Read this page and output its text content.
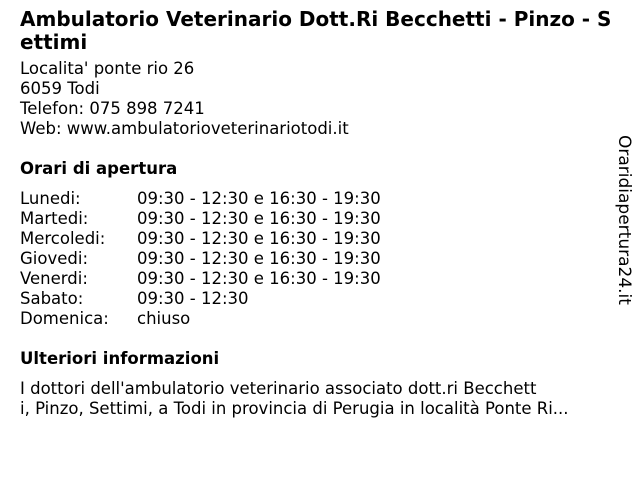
Ambulatorio Veterinario Dott.Ri Becchetti - Pinzo - Settimi
Localita' ponte rio 26
6059 Todi
Telefon: 075 898 7241
Web: www.ambulatorioveterinariotodi.it
Orari di apertura
Lunedi:	09:30 - 12:30 e 16:30 - 19:30
Martedi:	09:30 - 12:30 e 16:30 - 19:30
Mercoledi: 09:30 - 12:30 e 16:30 - 19:30
Giovedi:	09:30 - 12:30 e 16:30 - 19:30
Venerdi:	09:30 - 12:30 e 16:30 - 19:30
Sabato:	09:30 - 12:30
Domenica: chiuso
Ulteriori informazioni
I dottori dell'ambulatorio veterinario associato dott.ri Becchett
i, Pinzo, Settimi, a Todi in provincia di Perugia in località Ponte Ri...
Oraridiapertura24.it
